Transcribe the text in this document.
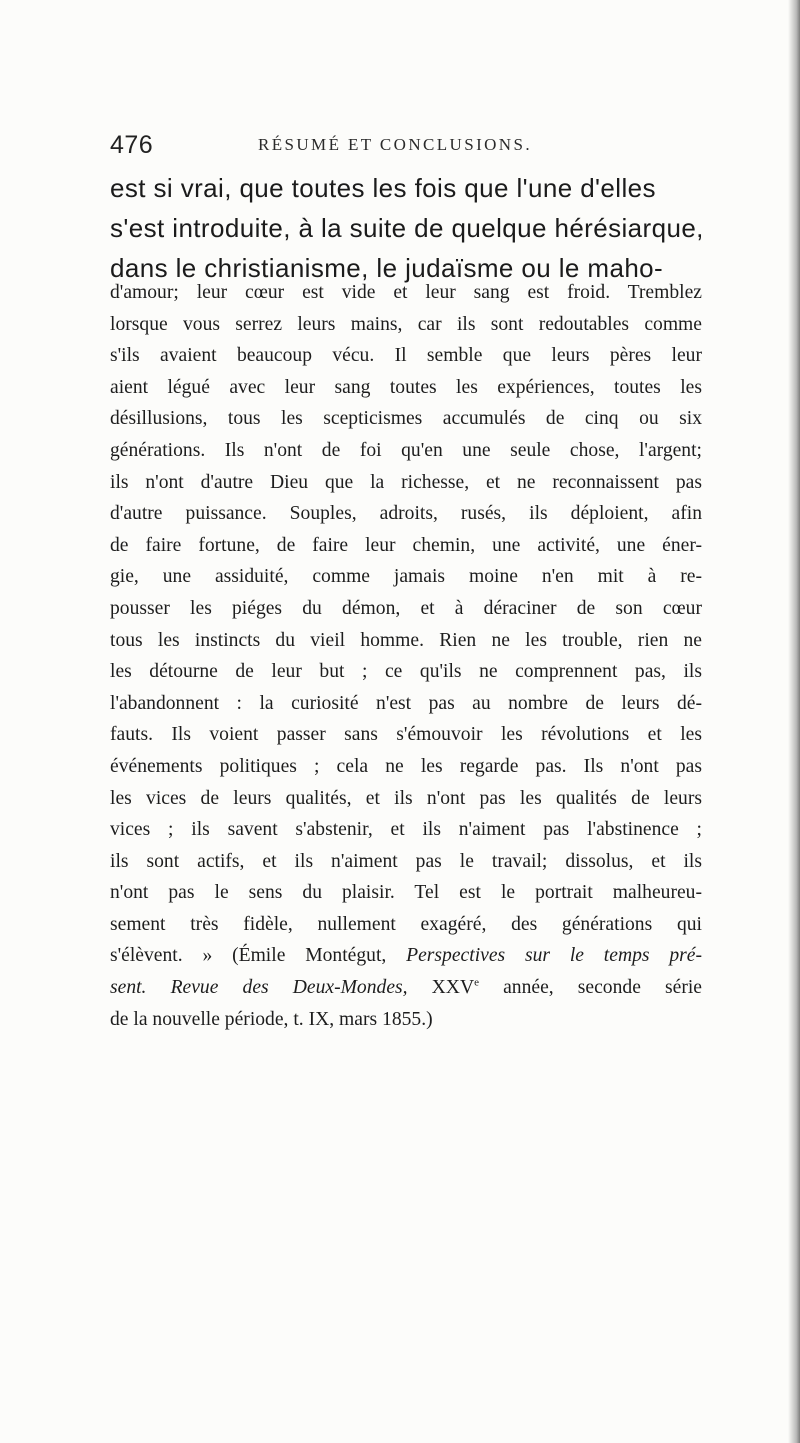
476	RÉSUMÉ ET CONCLUSIONS.
est si vrai, que toutes les fois que l'une d'elles
s'est introduite, à la suite de quelque hérésiarque,
dans le christianisme, le judaïsme ou le maho-
d'amour; leur cœur est vide et leur sang est froid. Tremblez
lorsque vous serrez leurs mains, car ils sont redoutables comme
s'ils avaient beaucoup vécu. Il semble que leurs pères leur
aient légué avec leur sang toutes les expériences, toutes les
désillusions, tous les scepticismes accumulés de cinq ou six
générations. Ils n'ont de foi qu'en une seule chose, l'argent;
ils n'ont d'autre Dieu que la richesse, et ne reconnaissent pas
d'autre puissance. Souples, adroits, rusés, ils déploient, afin
de faire fortune, de faire leur chemin, une activité, une éner-
gie, une assiduité, comme jamais moine n'en mit à re-
pousser les piéges du démon, et à déraciner de son cœur
tous les instincts du vieil homme. Rien ne les trouble, rien ne
les détourne de leur but ; ce qu'ils ne comprennent pas, ils
l'abandonnent : la curiosité n'est pas au nombre de leurs dé-
fauts. Ils voient passer sans s'émouvoir les révolutions et les
événements politiques ; cela ne les regarde pas. Ils n'ont pas
les vices de leurs qualités, et ils n'ont pas les qualités de leurs
vices ; ils savent s'abstenir, et ils n'aiment pas l'abstinence ;
ils sont actifs, et ils n'aiment pas le travail; dissolus, et ils
n'ont pas le sens du plaisir. Tel est le portrait malheureu-
sement très fidèle, nullement exagéré, des générations qui
s'élèvent. » (Émile Montégut, Perspectives sur le temps pré-
sent. Revue des Deux-Mondes, XXVe année, seconde série
de la nouvelle période, t. IX, mars 1855.)
